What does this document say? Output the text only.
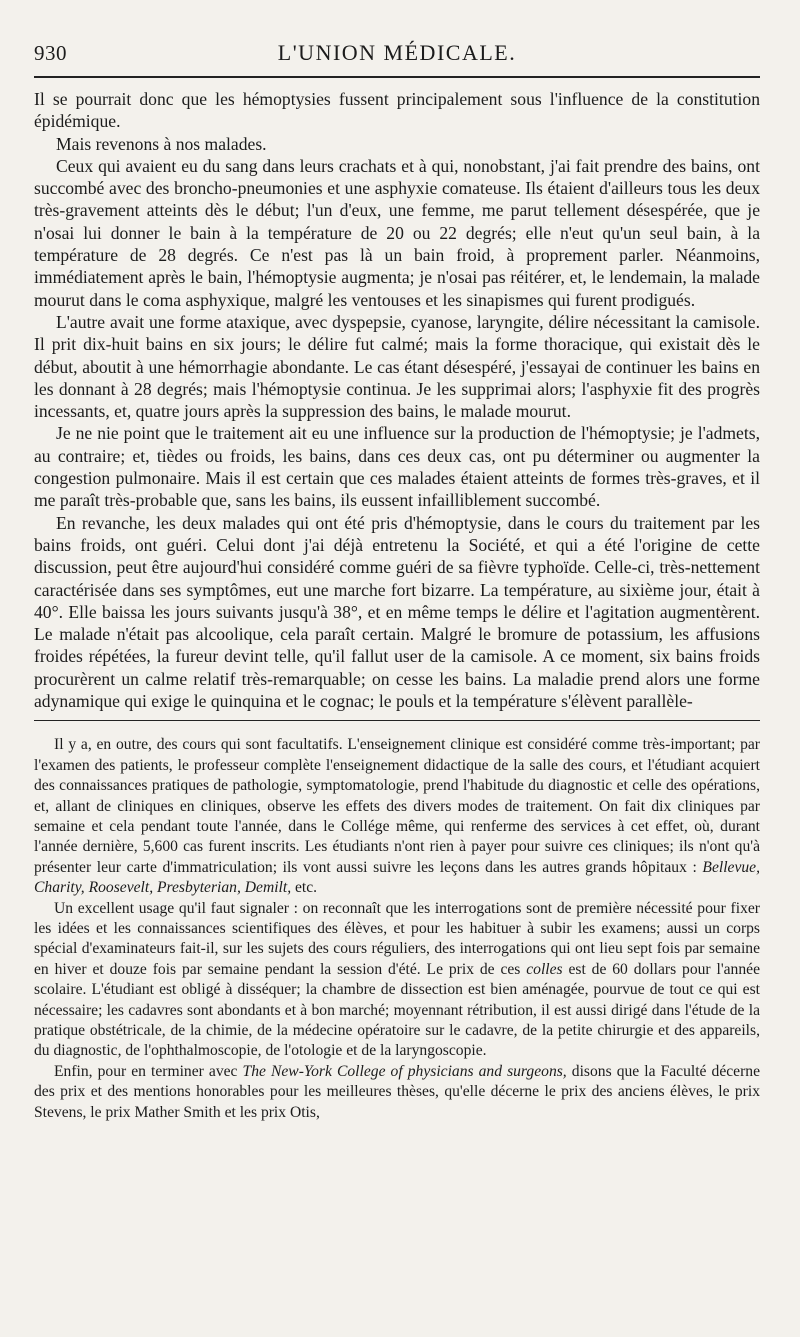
930	L'UNION MÉDICALE.

Il se pourrait donc que les hémoptysies fussent principalement sous l'influence de la constitution épidémique.

Mais revenons à nos malades.

Ceux qui avaient eu du sang dans leurs crachats et à qui, nonobstant, j'ai fait prendre des bains, ont succombé avec des broncho-pneumonies et une asphyxie comateuse. Ils étaient d'ailleurs tous les deux très-gravement atteints dès le début; l'un d'eux, une femme, me parut tellement désespérée, que je n'osai lui donner le bain à la température de 20 ou 22 degrés; elle n'eut qu'un seul bain, à la température de 28 degrés. Ce n'est pas là un bain froid, à proprement parler. Néanmoins, immédiatement après le bain, l'hémoptysie augmenta; je n'osai pas réitérer, et, le lendemain, la malade mourut dans le coma asphyxique, malgré les ventouses et les sinapismes qui furent prodigués.

L'autre avait une forme ataxique, avec dyspepsie, cyanose, laryngite, délire nécessitant la camisole. Il prit dix-huit bains en six jours; le délire fut calmé; mais la forme thoracique, qui existait dès le début, aboutit à une hémorrhagie abondante. Le cas étant désespéré, j'essayai de continuer les bains en les donnant à 28 degrés; mais l'hémoptysie continua. Je les supprimai alors; l'asphyxie fit des progrès incessants, et, quatre jours après la suppression des bains, le malade mourut.

Je ne nie point que le traitement ait eu une influence sur la production de l'hémoptysie; je l'admets, au contraire; et, tièdes ou froids, les bains, dans ces deux cas, ont pu déterminer ou augmenter la congestion pulmonaire. Mais il est certain que ces malades étaient atteints de formes très-graves, et il me paraît très-probable que, sans les bains, ils eussent infailliblement succombé.

En revanche, les deux malades qui ont été pris d'hémoptysie, dans le cours du traitement par les bains froids, ont guéri. Celui dont j'ai déjà entretenu la Société, et qui a été l'origine de cette discussion, peut être aujourd'hui considéré comme guéri de sa fièvre typhoïde. Celle-ci, très-nettement caractérisée dans ses symptômes, eut une marche fort bizarre. La température, au sixième jour, était à 40°. Elle baissa les jours suivants jusqu'à 38°, et en même temps le délire et l'agitation augmentèrent. Le malade n'était pas alcoolique, cela paraît certain. Malgré le bromure de potassium, les affusions froides répétées, la fureur devint telle, qu'il fallut user de la camisole. A ce moment, six bains froids procurèrent un calme relatif très-remarquable; on cesse les bains. La maladie prend alors une forme adynamique qui exige le quinquina et le cognac; le pouls et la température s'élèvent parallèle-

Il y a, en outre, des cours qui sont facultatifs. L'enseignement clinique est considéré comme très-important; par l'examen des patients, le professeur complète l'enseignement didactique de la salle des cours, et l'étudiant acquiert des connaissances pratiques de pathologie, symptomatologie, prend l'habitude du diagnostic et celle des opérations, et, allant de cliniques en cliniques, observe les effets des divers modes de traitement. On fait dix cliniques par semaine et cela pendant toute l'année, dans le Collége même, qui renferme des services à cet effet, où, durant l'année dernière, 5,600 cas furent inscrits. Les étudiants n'ont rien à payer pour suivre ces cliniques; ils n'ont qu'à présenter leur carte d'immatriculation; ils vont aussi suivre les leçons dans les autres grands hôpitaux : Bellevue, Charity, Roosevelt, Presbyterian, Demilt, etc.

Un excellent usage qu'il faut signaler : on reconnaît que les interrogations sont de première nécessité pour fixer les idées et les connaissances scientifiques des élèves, et pour les habituer à subir les examens; aussi un corps spécial d'examinateurs fait-il, sur les sujets des cours réguliers, des interrogations qui ont lieu sept fois par semaine en hiver et douze fois par semaine pendant la session d'été. Le prix de ces colles est de 60 dollars pour l'année scolaire. L'étudiant est obligé à disséquer; la chambre de dissection est bien aménagée, pourvue de tout ce qui est nécessaire; les cadavres sont abondants et à bon marché; moyennant rétribution, il est aussi dirigé dans l'étude de la pratique obstétricale, de la chimie, de la médecine opératoire sur le cadavre, de la petite chirurgie et des appareils, du diagnostic, de l'ophthalmoscopie, de l'otologie et de la laryngoscopie.

Enfin, pour en terminer avec The New-York College of physicians and surgeons, disons que la Faculté décerne des prix et des mentions honorables pour les meilleures thèses, qu'elle décerne le prix des anciens élèves, le prix Stevens, le prix Mather Smith et les prix Otis,
